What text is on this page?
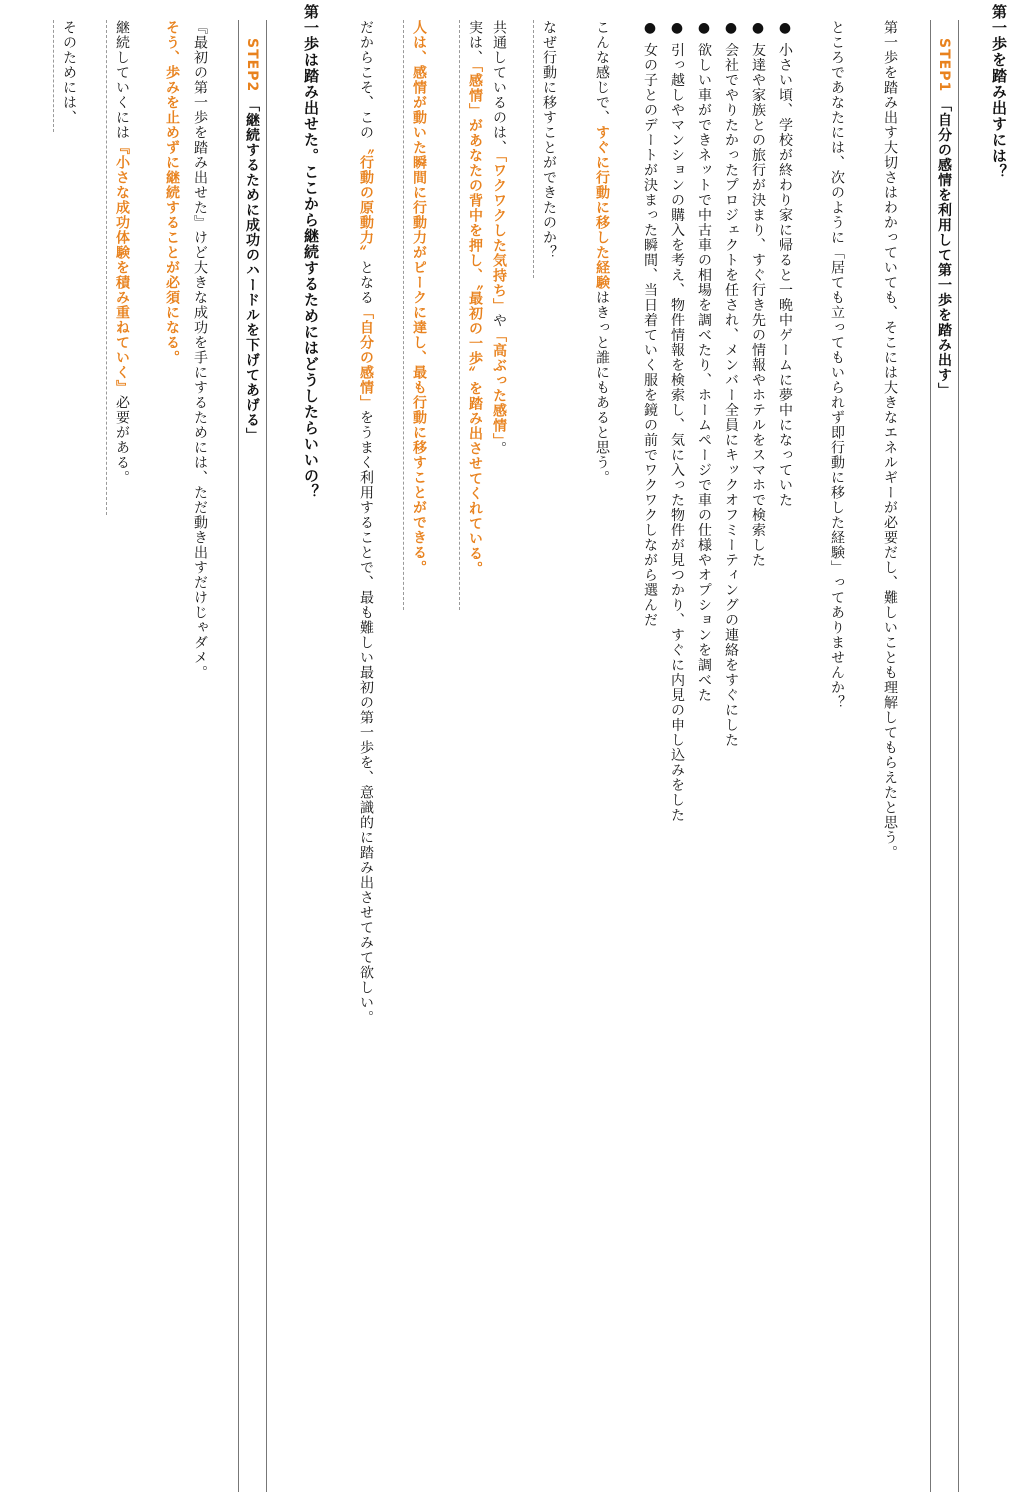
第一歩を踏み出すには？
STEP1 「自分の感情を利用して第一歩を踏み出す」
第一歩を踏み出す大切さはわかっていても、そこには大きなエネルギーが必要だし、難しいことも理解してもらえたと思う。
ところであなたには、次のように「居ても立ってもいられず即行動に移した経験」ってありませんか？
● 小さい頃、学校が終わり家に帰ると一晩中ゲームに夢中になっていた
● 友達や家族との旅行が決まり、すぐ行き先の情報やホテルをスマホで検索した
● 会社でやりたかったプロジェクトを任され、メンバー全員にキックオフミーティングの連絡をすぐにした
● 欲しい車ができネットで中古車の相場を調べたり、ホームページで車の仕様やオプションを調べた
● 引っ越しやマンションの購入を考え、物件情報を検索し、気に入った物件が見つかり、すぐに内見の申し込みをした
● 女の子とのデートが決まった瞬間、当日着ていく服を鏡の前でワクワクしながら選んだ
こんな感じで、すぐに行動に移した経験はきっと誰にもあると思う。
なぜ行動に移すことができたのか？
共通しているのは、「ワクワクした気持ち」や「高ぶった感情」。
実は、「感情」があなたの背中を押し、〝最初の一歩〟を踏み出させてくれている。
人は、感情が動いた瞬間に行動力がピークに達し、最も行動に移すことができる。
だからこそ、この〝行動の原動力〟となる「自分の感情」をうまく利用することで、最も難しい最初の第一歩を、意識的に踏み出させてみて欲しい。
第一歩は踏み出せた。ここから継続するためにはどうしたらいいの？
STEP2 「継続するために成功のハードルを下げてあげる」
『最初の第一歩を踏み出せた』けど大きな成功を手にするためには、ただ動き出すだけじゃダメ。
そう、歩みを止めずに継続することが必須になる。
継続していくには『小さな成功体験を積み重ねていく』必要がある。
そのためには、
